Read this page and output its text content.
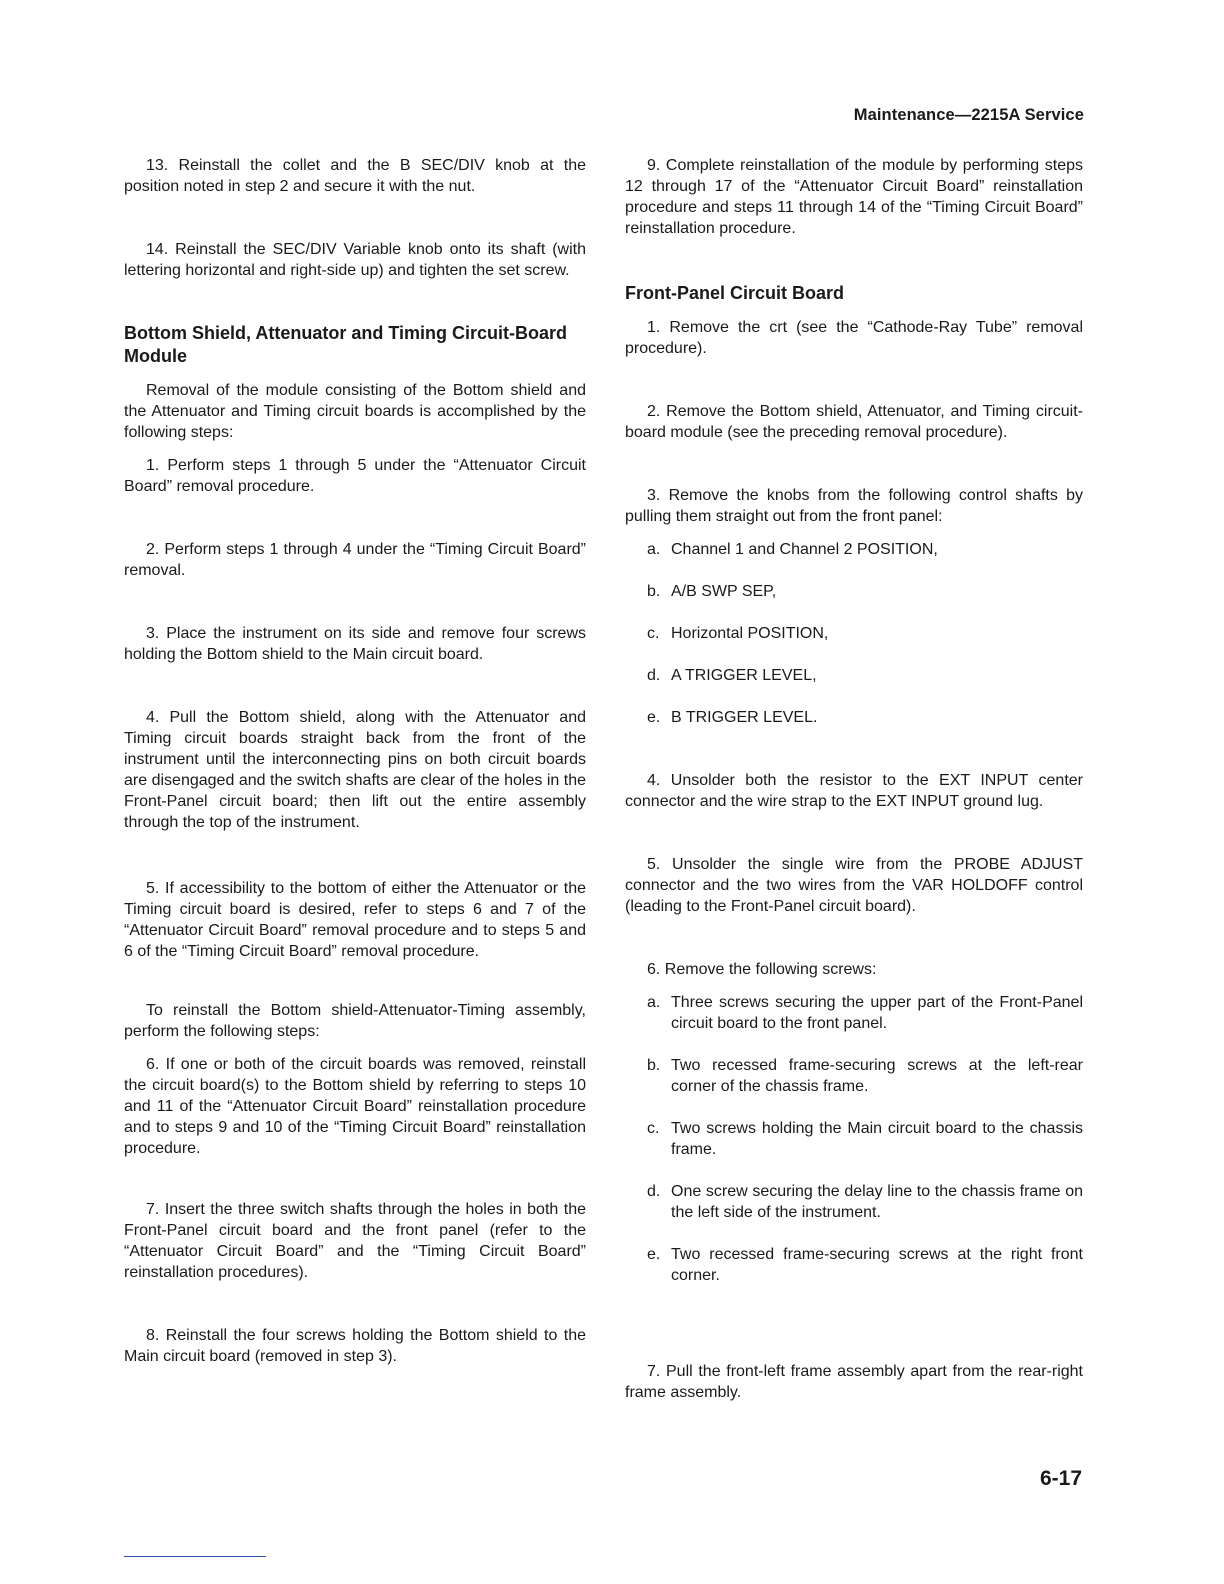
Maintenance—2215A Service

13. Reinstall the collet and the B SEC/DIV knob at the position noted in step 2 and secure it with the nut.

14. Reinstall the SEC/DIV Variable knob onto its shaft (with lettering horizontal and right-side up) and tighten the set screw.

Bottom Shield, Attenuator and Timing Circuit-Board Module

Removal of the module consisting of the Bottom shield and the Attenuator and Timing circuit boards is accomplished by the following steps:

1. Perform steps 1 through 5 under the “Attenuator Circuit Board” removal procedure.

2. Perform steps 1 through 4 under the “Timing Circuit Board” removal.

3. Place the instrument on its side and remove four screws holding the Bottom shield to the Main circuit board.

4. Pull the Bottom shield, along with the Attenuator and Timing circuit boards straight back from the front of the instrument until the interconnecting pins on both circuit boards are disengaged and the switch shafts are clear of the holes in the Front-Panel circuit board; then lift out the entire assembly through the top of the instrument.

5. If accessibility to the bottom of either the Attenuator or the Timing circuit board is desired, refer to steps 6 and 7 of the “Attenuator Circuit Board” removal procedure and to steps 5 and 6 of the “Timing Circuit Board” removal procedure.

To reinstall the Bottom shield-Attenuator-Timing assembly, perform the following steps:

6. If one or both of the circuit boards was removed, reinstall the circuit board(s) to the Bottom shield by referring to steps 10 and 11 of the “Attenuator Circuit Board” reinstallation procedure and to steps 9 and 10 of the “Timing Circuit Board” reinstallation procedure.

7. Insert the three switch shafts through the holes in both the Front-Panel circuit board and the front panel (refer to the “Attenuator Circuit Board” and the “Timing Circuit Board” reinstallation procedures).

8. Reinstall the four screws holding the Bottom shield to the Main circuit board (removed in step 3).

9. Complete reinstallation of the module by performing steps 12 through 17 of the “Attenuator Circuit Board” reinstallation procedure and steps 11 through 14 of the “Timing Circuit Board” reinstallation procedure.

Front-Panel Circuit Board

1. Remove the crt (see the “Cathode-Ray Tube” removal procedure).

2. Remove the Bottom shield, Attenuator, and Timing circuit-board module (see the preceding removal procedure).

3. Remove the knobs from the following control shafts by pulling them straight out from the front panel:

a. Channel 1 and Channel 2 POSITION,
b. A/B SWP SEP,
c. Horizontal POSITION,
d. A TRIGGER LEVEL,
e. B TRIGGER LEVEL.

4. Unsolder both the resistor to the EXT INPUT center connector and the wire strap to the EXT INPUT ground lug.

5. Unsolder the single wire from the PROBE ADJUST connector and the two wires from the VAR HOLDOFF control (leading to the Front-Panel circuit board).

6. Remove the following screws:

a. Three screws securing the upper part of the Front-Panel circuit board to the front panel.
b. Two recessed frame-securing screws at the left-rear corner of the chassis frame.
c. Two screws holding the Main circuit board to the chassis frame.
d. One screw securing the delay line to the chassis frame on the left side of the instrument.
e. Two recessed frame-securing screws at the right front corner.

7. Pull the front-left frame assembly apart from the rear-right frame assembly.

6-17
